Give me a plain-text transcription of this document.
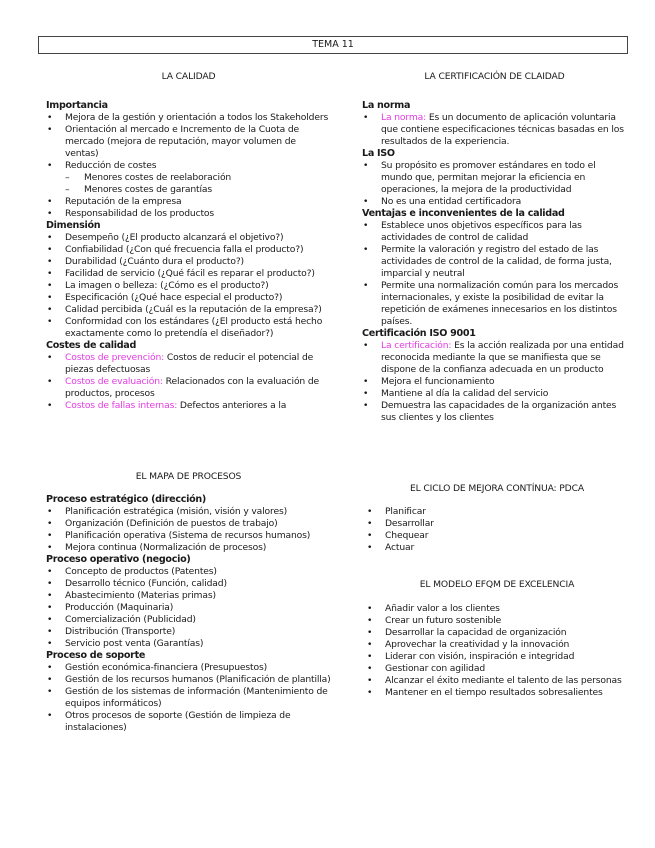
TEMA 11

LA CALIDAD

Importancia

• Mejora de la gestión y orientación a todos los Stakeholders
• Orientación al mercado e Incremento de la Cuota de mercado (mejora de reputación, mayor volumen de ventas)
• Reducción de costes
– Menores costes de reelaboración
– Menores costes de garantías
• Reputación de la empresa
• Responsabilidad de los productos

Dimensión

• Desempeño (¿El producto alcanzará el objetivo?)
• Confiabilidad (¿Con qué frecuencia falla el producto?)
• Durabilidad (¿Cuánto dura el producto?)
• Facilidad de servicio (¿Qué fácil es reparar el producto?)
• La imagen o belleza: (¿Cómo es el producto?)
• Especificación (¿Qué hace especial el producto?)
• Calidad percibida (¿Cuál es la reputación de la empresa?)
• Conformidad con los estándares (¿El producto está hecho exactamente como lo pretendía el diseñador?)

Costes de calidad

• Costos de prevención: Costos de reducir el potencial de piezas defectuosas
• Costos de evaluación: Relacionados con la evaluación de productos, procesos
• Costos de fallas internas: Defectos anteriores a la

LA CERTIFICACIÓN DE CLAIDAD

La norma

• La norma: Es un documento de aplicación voluntaria que contiene especificaciones técnicas basadas en los resultados de la experiencia.

La ISO

• Su propósito es promover estándares en todo el mundo que, permitan mejorar la eficiencia en operaciones, la mejora de la productividad
• No es una entidad certificadora

Ventajas e inconvenientes de la calidad

• Establece unos objetivos específicos para las actividades de control de calidad
• Permite la valoración y registro del estado de las actividades de control de la calidad, de forma justa, imparcial y neutral
• Permite una normalización común para los mercados internacionales, y existe la posibilidad de evitar la repetición de exámenes innecesarios en los distintos países.

Certificación ISO 9001

• La certificación: Es la acción realizada por una entidad reconocida mediante la que se manifiesta que se dispone de la confianza adecuada en un producto
• Mejora el funcionamiento
• Mantiene al día la calidad del servicio
• Demuestra las capacidades de la organización antes sus clientes y los clientes

EL MAPA DE PROCESOS

Proceso estratégico (dirección)

• Planificación estratégica (misión, visión y valores)
• Organización (Definición de puestos de trabajo)
• Planificación operativa (Sistema de recursos humanos)
• Mejora continua (Normalización de procesos)

Proceso operativo (negocio)

• Concepto de productos (Patentes)
• Desarrollo técnico (Función, calidad)
• Abastecimiento (Materias primas)
• Producción (Maquinaria)
• Comercialización (Publicidad)
• Distribución (Transporte)
• Servicio post venta (Garantías)

Proceso de soporte

• Gestión económica-financiera (Presupuestos)
• Gestión de los recursos humanos (Planificación de plantilla)
• Gestión de los sistemas de información (Mantenimiento de equipos informáticos)
• Otros procesos de soporte (Gestión de limpieza de instalaciones)

EL CICLO DE MEJORA CONTÍNUA: PDCA

• Planificar
• Desarrollar
• Chequear
• Actuar

EL MODELO EFQM DE EXCELENCIA

• Añadir valor a los clientes
• Crear un futuro sostenible
• Desarrollar la capacidad de organización
• Aprovechar la creatividad y la innovación
• Liderar con visión, inspiración e integridad
• Gestionar con agilidad
• Alcanzar el éxito mediante el talento de las personas
• Mantener en el tiempo resultados sobresalientes
